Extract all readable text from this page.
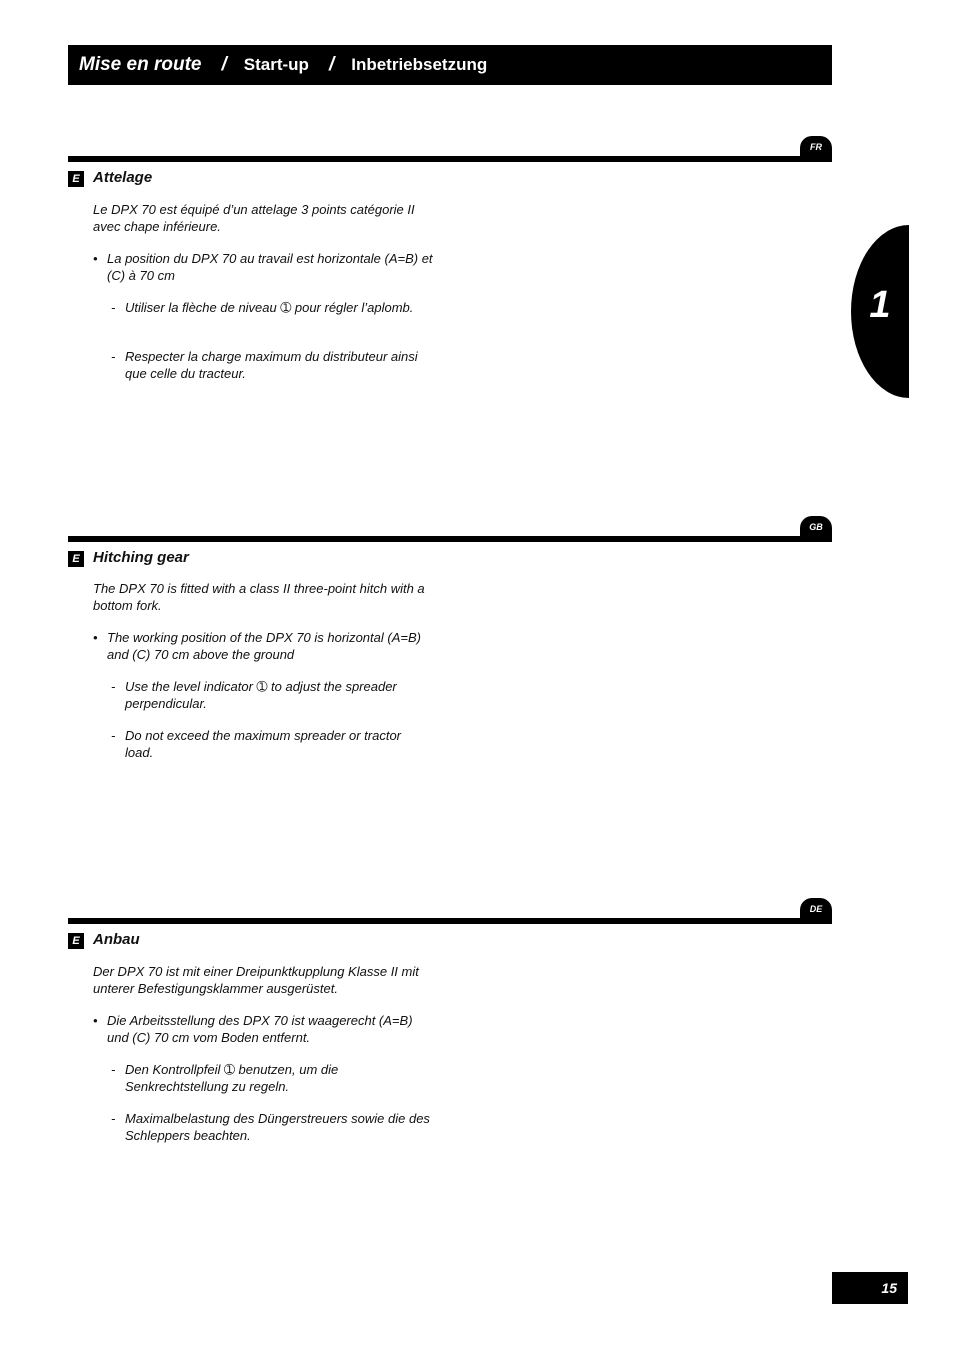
Mise en route / Start-up / Inbetriebsetzung
1
FR
E Attelage
Le DPX 70 est équipé d’un attelage 3 points catégorie II avec chape inférieure.
• La position du DPX 70 au travail est horizontale (A=B) et (C) à 70 cm
- Utiliser la flèche de niveau ➀ pour régler l’aplomb.
- Respecter la charge maximum du distributeur ainsi que celle du tracteur.
GB
E Hitching gear
The DPX 70 is fitted with a class II three-point hitch with a bottom fork.
• The working position of the DPX 70 is horizontal (A=B) and (C) 70 cm above the ground
- Use the level indicator ➀ to adjust the spreader perpendicular.
- Do not exceed the maximum spreader or tractor load.
DE
E Anbau
Der DPX 70 ist mit einer Dreipunktkupplung Klasse II mit unterer Befestigungsklammer ausgerüstet.
• Die Arbeitsstellung des DPX 70 ist waagerecht (A=B) und (C) 70 cm vom Boden entfernt.
- Den Kontrollpfeil ➀ benutzen, um die Senkrechtstellung zu regeln.
- Maximalbelastung des Düngerstreuers sowie die des Schleppers beachten.
15
